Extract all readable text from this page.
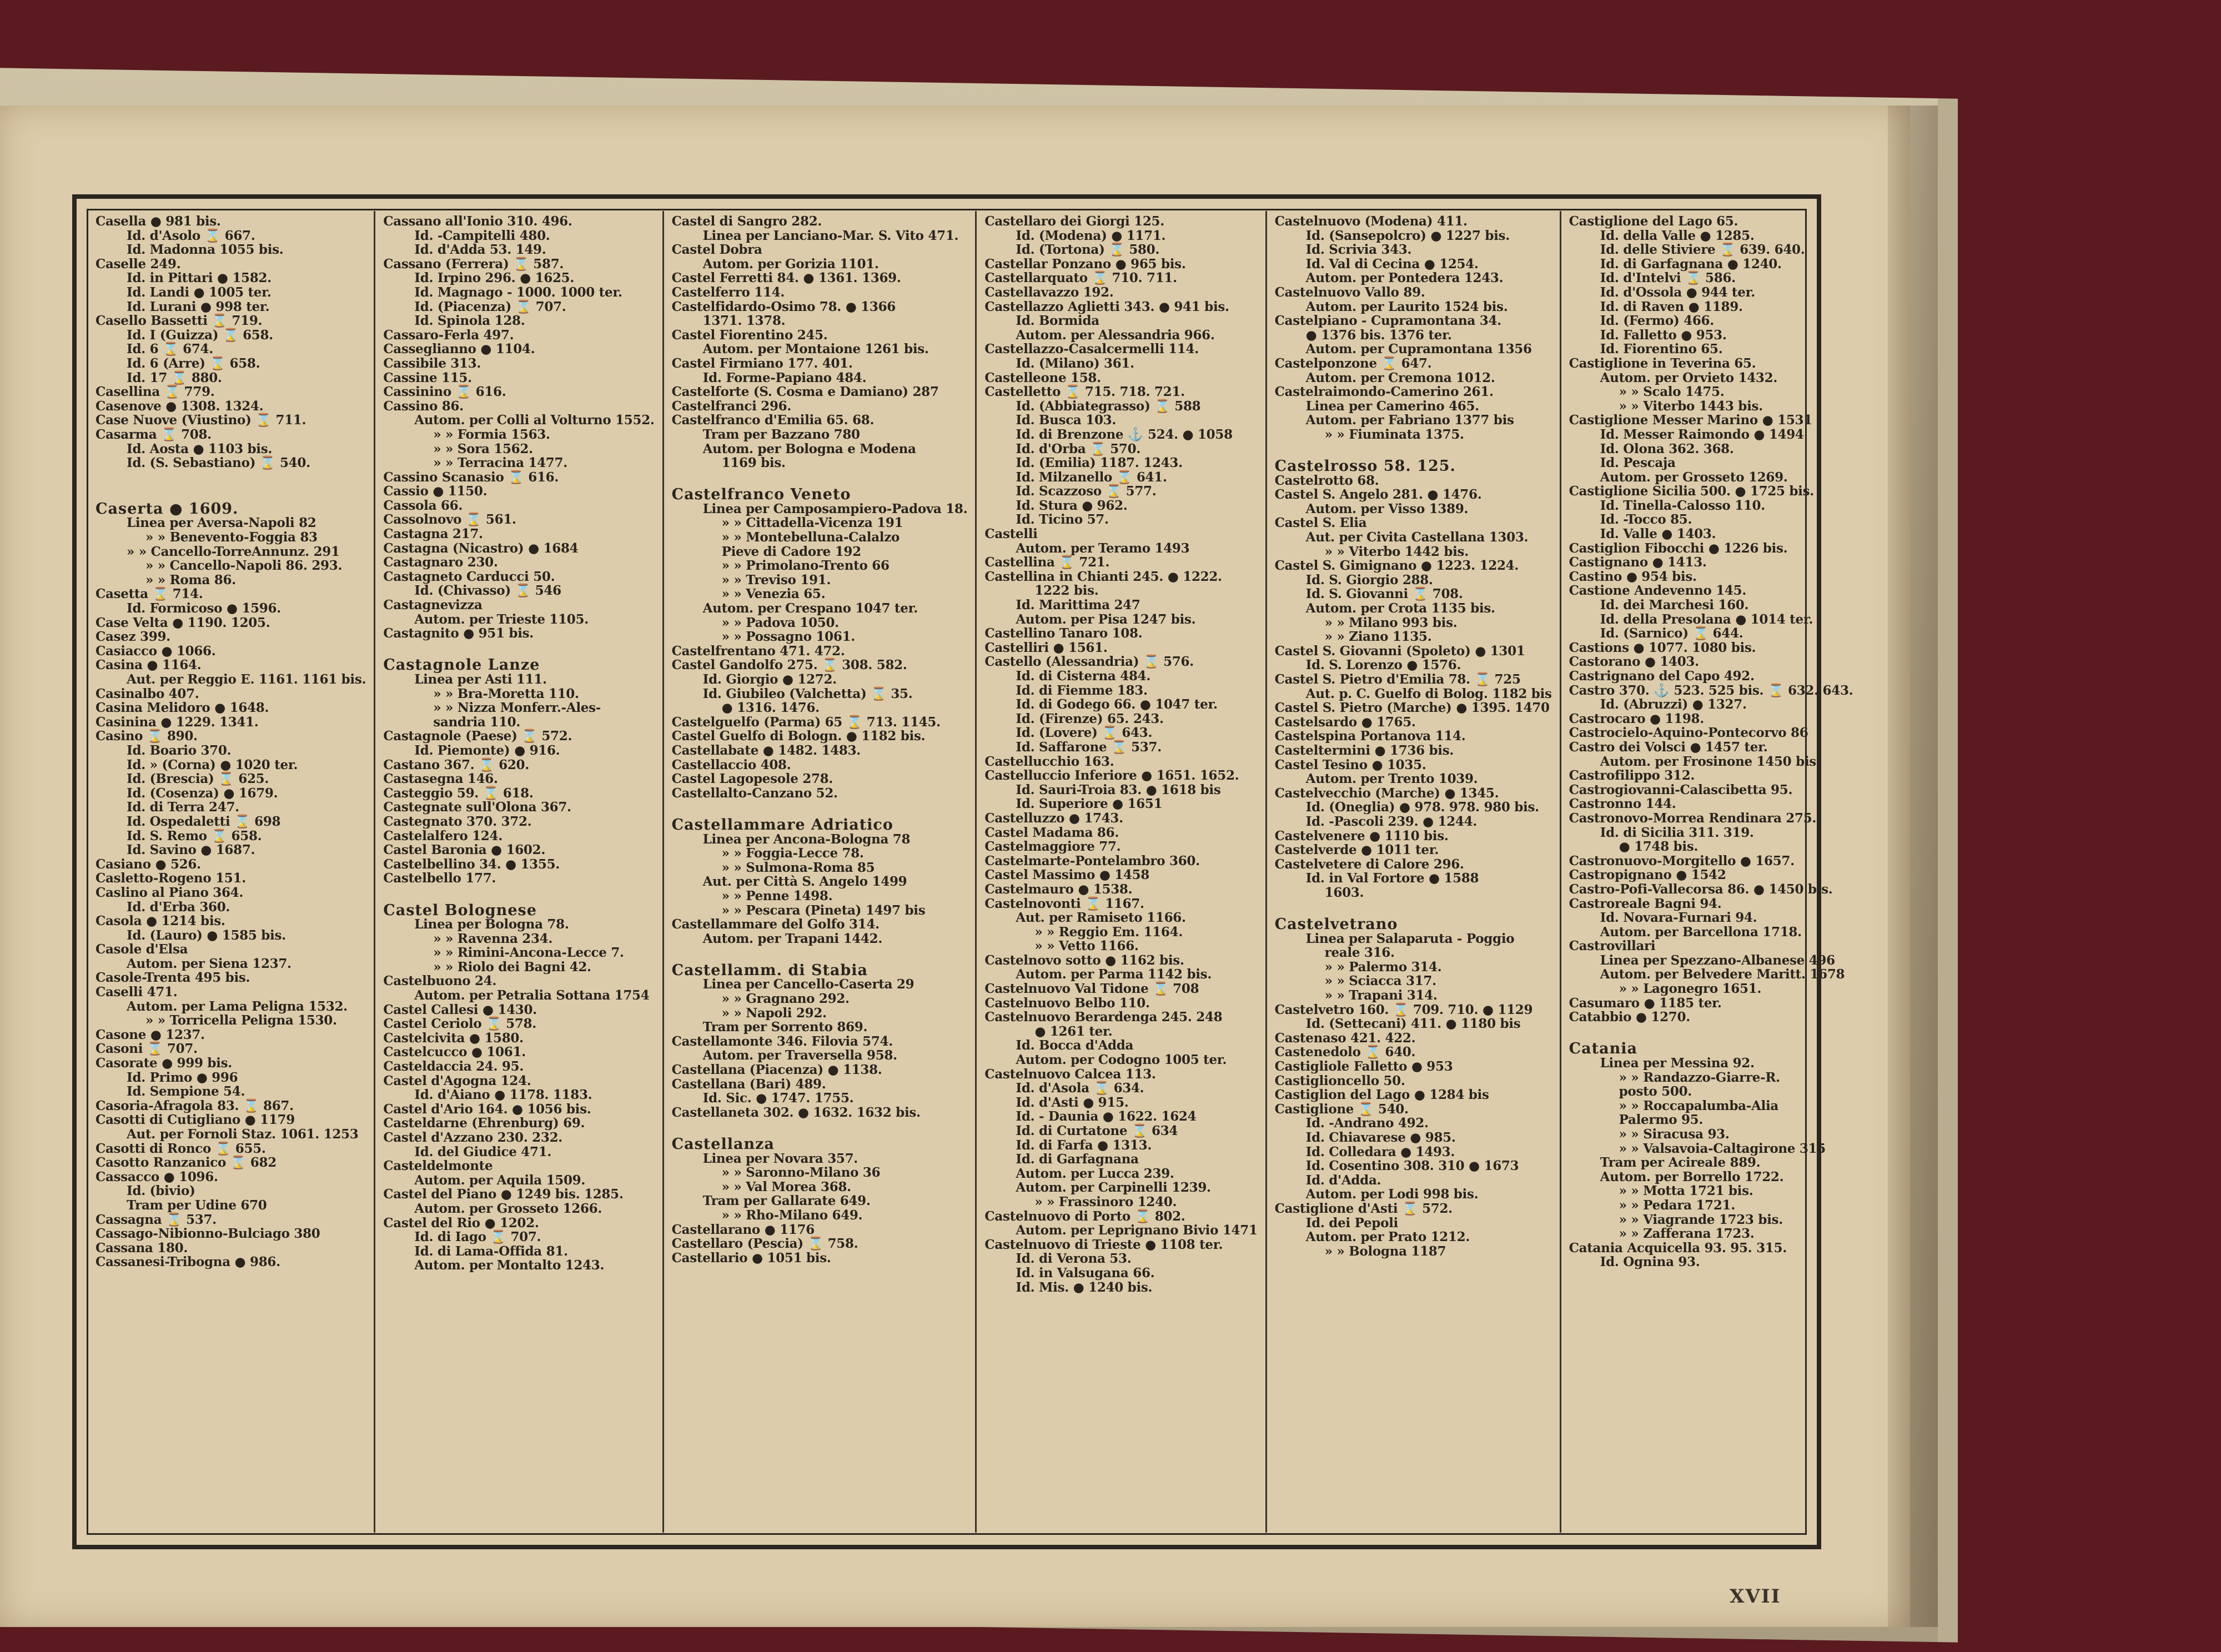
Casella ● 981 bis.
Id. d'Asolo ⌛ 667.
Id. Madonna 1055 bis.
Caselle 249.
Id. in Pittari ● 1582.
Id. Landi ● 1005 ter.
Id. Lurani ● 998 ter.
Casello Bassetti ⌛ 719.
Id. I (Guizza) ⌛ 658.
Id. 6 ⌛ 674.
Id. 6 (Arre) ⌛ 658.
Id. 17 ⌛ 880.
Casellina ⌛ 779.
Casenove ● 1308. 1324.
Case Nuove (Viustino) ⌛ 711.
Casarma ⌛ 708.
Id. Aosta ● 1103 bis.
Id. (S. Sebastiano) ⌛ 540.
Caserta ● 1609.
Linea per Aversa-Napoli 82
» » Benevento-Foggia 83
» » Cancello-TorreAnnunz. 291
» » Cancello-Napoli 86. 293.
» » Roma 86.
Casetta ⌛ 714.
Id. Formicoso ● 1596.
Case Velta ● 1190. 1205.
Casez 399.
Casiacco ● 1066.
Casina ● 1164.
Aut. per Reggio E. 1161. 1161 bis.
Casinalbo 407.
Casina Melidoro ● 1648.
Casinina ● 1229. 1341.
Casino ⌛ 890.
Id. Boario 370.
Id. » (Corna) ● 1020 ter.
Id. (Brescia) ⌛ 625.
Id. (Cosenza) ● 1679.
Id. di Terra 247.
Id. Ospedaletti ⌛ 698
Id. S. Remo ⌛ 658.
Id. Savino ● 1687.
Casiano ● 526.
Casletto-Rogeno 151.
Caslino al Piano 364.
Id. d'Erba 360.
Casola ● 1214 bis.
Id. (Lauro) ● 1585 bis.
Casole d'Elsa
Autom. per Siena 1237.
Casole-Trenta 495 bis.
Caselli 471.
Autom. per Lama Peligna 1532.
» » Torricella Peligna 1530.
Casone ● 1237.
Casoni ⌛ 707.
Casorate ● 999 bis.
Id. Primo ● 996
Id. Sempione 54.
Casoria-Afragola 83. ⌛ 867.
Casotti di Cutigliano ● 1179
Aut. per Fornoli Staz. 1061. 1253
Casotti di Ronco ⌛ 655.
Casotto Ranzanico ⌛ 682
Cassacco ● 1096.
Id. (bivio)
Tram per Udine 670
Cassagna ⌛ 537.
Cassago-Nibionno-Bulciago 380
Cassana 180.
Cassanesi-Tribogna ● 986.
Cassano all'Ionio 310. 496.
Id. -Campitelli 480.
Id. d'Adda 53. 149.
Cassano (Ferrera) ⌛ 587.
Id. Irpino 296. ● 1625.
Id. Magnago - 1000. 1000 ter.
Id. (Piacenza) ⌛ 707.
Id. Spinola 128.
Cassaro-Ferla 497.
Casseglianno ● 1104.
Cassibile 313.
Cassine 115.
Cassinino ⌛ 616.
Cassino 86.
Autom. per Colli al Volturno 1552.
» » Formia 1563.
» » Sora 1562.
» » Terracina 1477.
Cassino Scanasio ⌛ 616.
Cassio ● 1150.
Cassola 66.
Cassolnovo ⌛ 561.
Castagna 217.
Castagna (Nicastro) ● 1684
Castagnaro 230.
Castagneto Carducci 50.
Id. (Chivasso) ⌛ 546
Castagnevizza
Autom. per Trieste 1105.
Castagnito ● 951 bis.
Castagnole Lanze
Linea per Asti 111.
» » Bra-Moretta 110.
» » Nizza Monferr.-Ales-
sandria 110.
Castagnole (Paese) ⌛ 572.
Id. Piemonte) ● 916.
Castano 367. ⌛ 620.
Castasegna 146.
Casteggio 59. ⌛ 618.
Castegnate sull'Olona 367.
Castegnato 370. 372.
Castelalfero 124.
Castel Baronia ● 1602.
Castelbellino 34. ● 1355.
Castelbello 177.
Castel Bolognese
Linea per Bologna 78.
» » Ravenna 234.
» » Rimini-Ancona-Lecce 7.
» » Riolo dei Bagni 42.
Castelbuono 24.
Autom. per Petralia Sottana 1754
Castel Callesi ● 1430.
Castel Ceriolo ⌛ 578.
Castelcivita ● 1580.
Castelcucco ● 1061.
Casteldaccia 24. 95.
Castel d'Agogna 124.
Id. d'Aiano ● 1178. 1183.
Castel d'Ario 164. ● 1056 bis.
Casteldarne (Ehrenburg) 69.
Castel d'Azzano 230. 232.
Id. del Giudice 471.
Casteldelmonte
Autom. per Aquila 1509.
Castel del Piano ● 1249 bis. 1285.
Autom. per Grosseto 1266.
Castel del Rio ● 1202.
Id. di Iago ⌛ 707.
Id. di Lama-Offida 81.
Autom. per Montalto 1243.
Castel di Sangro 282.
Linea per Lanciano-Mar. S. Vito 471.
Castel Dobra
Autom. per Gorizia 1101.
Castel Ferretti 84. ● 1361. 1369.
Castelferro 114.
Castelfidardo-Osimo 78. ● 1366
1371. 1378.
Castel Fiorentino 245.
Autom. per Montaione 1261 bis.
Castel Firmiano 177. 401.
Id. Forme-Papiano 484.
Castelforte (S. Cosma e Damiano) 287
Castelfranci 296.
Castelfranco d'Emilia 65. 68.
Tram per Bazzano 780
Autom. per Bologna e Modena
1169 bis.
Castelfranco Veneto
Linea per Camposampiero-Padova 18.
» » Cittadella-Vicenza 191
» » Montebelluna-Calalzo
Pieve di Cadore 192
» » Primolano-Trento 66
» » Treviso 191.
» » Venezia 65.
Autom. per Crespano 1047 ter.
» » Padova 1050.
» » Possagno 1061.
Castelfrentano 471. 472.
Castel Gandolfo 275. ⌛ 308. 582.
Id. Giorgio ● 1272.
Id. Giubileo (Valchetta) ⌛ 35.
● 1316. 1476.
Castelguelfo (Parma) 65 ⌛ 713. 1145.
Castel Guelfo di Bologn. ● 1182 bis.
Castellabate ● 1482. 1483.
Castellaccio 408.
Castel Lagopesole 278.
Castellalto-Canzano 52.
Castellammare Adriatico
Linea per Ancona-Bologna 78
» » Foggia-Lecce 78.
» » Sulmona-Roma 85
Aut. per Città S. Angelo 1499
» » Penne 1498.
» » Pescara (Pineta) 1497 bis
Castellammare del Golfo 314.
Autom. per Trapani 1442.
Castellamm. di Stabia
Linea per Cancello-Caserta 29
» » Gragnano 292.
» » Napoli 292.
Tram per Sorrento 869.
Castellamonte 346. Filovia 574.
Autom. per Traversella 958.
Castellana (Piacenza) ● 1138.
Castellana (Bari) 489.
Id. Sic. ● 1747. 1755.
Castellaneta 302. ● 1632. 1632 bis.
Castellanza
Linea per Novara 357.
» » Saronno-Milano 36
» » Val Morea 368.
Tram per Gallarate 649.
» » Rho-Milano 649.
Castellarano ● 1176
Castellaro (Pescia) ⌛ 758.
Castellario ● 1051 bis.
Castellaro dei Giorgi 125.
Id. (Modena) ● 1171.
Id. (Tortona) ⌛ 580.
Castellar Ponzano ● 965 bis.
Castellarquato ⌛ 710. 711.
Castellavazzo 192.
Castellazzo Aglietti 343. ● 941 bis.
Id. Bormida
Autom. per Alessandria 966.
Castellazzo-Casalcermelli 114.
Id. (Milano) 361.
Castelleone 158.
Castelletto ⌛ 715. 718. 721.
Id. (Abbiategrasso) ⌛ 588
Id. Busca 103.
Id. di Brenzone ⚓ 524. ● 1058
Id. d'Orba ⌛ 570.
Id. (Emilia) 1187. 1243.
Id. Milzanello ⌛ 641.
Id. Scazzoso ⌛ 577.
Id. Stura ● 962.
Id. Ticino 57.
Castelli
Autom. per Teramo 1493
Castellina ⌛ 721.
Castellina in Chianti 245. ● 1222.
1222 bis.
Id. Marittima 247
Autom. per Pisa 1247 bis.
Castellino Tanaro 108.
Castelliri ● 1561.
Castello (Alessandria) ⌛ 576.
Id. di Cisterna 484.
Id. di Fiemme 183.
Id. di Godego 66. ● 1047 ter.
Id. (Firenze) 65. 243.
Id. (Lovere) ⌛ 643.
Id. Saffarone ⌛ 537.
Castellucchio 163.
Castelluccio Inferiore ● 1651. 1652.
Id. Sauri-Troia 83. ● 1618 bis
Id. Superiore ● 1651
Castelluzzo ● 1743.
Castel Madama 86.
Castelmaggiore 77.
Castelmarte-Pontelambro 360.
Castel Massimo ● 1458
Castelmauro ● 1538.
Castelnovonti ⌛ 1167.
Aut. per Ramiseto 1166.
» » Reggio Em. 1164.
» » Vetto 1166.
Castelnovo sotto ● 1162 bis.
Autom. per Parma 1142 bis.
Castelnuovo Val Tidone ⌛ 708
Castelnuovo Belbo 110.
Castelnuovo Berardenga 245. 248
● 1261 ter.
Id. Bocca d'Adda
Autom. per Codogno 1005 ter.
Castelnuovo Calcea 113.
Id. d'Asola ⌛ 634.
Id. d'Asti ● 915.
Id. - Daunia ● 1622. 1624
Id. di Curtatone ⌛ 634
Id. di Farfa ● 1313.
Id. di Garfagnana
Autom. per Lucca 239.
Autom. per Carpinelli 1239.
» » Frassinoro 1240.
Castelnuovo di Porto ⌛ 802.
Autom. per Leprignano Bivio 1471
Castelnuovo di Trieste ● 1108 ter.
Id. di Verona 53.
Id. in Valsugana 66.
Id. Mis. ● 1240 bis.
Castelnuovo (Modena) 411.
Id. (Sansepolcro) ● 1227 bis.
Id. Scrivia 343.
Id. Val di Cecina ● 1254.
Autom. per Pontedera 1243.
Castelnuovo Vallo 89.
Autom. per Laurito 1524 bis.
Castelpiano - Cupramontana 34.
● 1376 bis. 1376 ter.
Autom. per Cupramontana 1356
Castelponzone ⌛ 647.
Autom. per Cremona 1012.
Castelraimondo-Camerino 261.
Linea per Camerino 465.
Autom. per Fabriano 1377 bis
» » Fiuminata 1375.
Castelrosso 58. 125.
Castelrotto 68.
Castel S. Angelo 281. ● 1476.
Autom. per Visso 1389.
Castel S. Elia
Aut. per Civita Castellana 1303.
» » Viterbo 1442 bis.
Castel S. Gimignano ● 1223. 1224.
Id. S. Giorgio 288.
Id. S. Giovanni ⌛ 708.
Autom. per Crota 1135 bis.
» » Milano 993 bis.
» » Ziano 1135.
Castel S. Giovanni (Spoleto) ● 1301
Id. S. Lorenzo ● 1576.
Castel S. Pietro d'Emilia 78. ⌛ 725
Aut. p. C. Guelfo di Bolog. 1182 bis
Castel S. Pietro (Marche) ● 1395. 1470
Castelsardo ● 1765.
Castelspina Portanova 114.
Casteltermini ● 1736 bis.
Castel Tesino ● 1035.
Autom. per Trento 1039.
Castelvecchio (Marche) ● 1345.
Id. (Oneglia) ● 978. 978. 980 bis.
Id. -Pascoli 239. ● 1244.
Castelvenere ● 1110 bis.
Castelverde ● 1011 ter.
Castelvetere di Calore 296.
Id. in Val Fortore ● 1588
1603.
Castelvetrano
Linea per Salaparuta - Poggio
reale 316.
» » Palermo 314.
» » Sciacca 317.
» » Trapani 314.
Castelvetro 160. ⌛ 709. 710. ● 1129
Id. (Settecani) 411. ● 1180 bis
Castenaso 421. 422.
Castenedolo ⌛ 640.
Castigliole Falletto ● 953
Castiglioncello 50.
Castiglion del Lago ● 1284 bis
Castiglione ⌛ 540.
Id. -Andrano 492.
Id. Chiavarese ● 985.
Id. Colledara ● 1493.
Id. Cosentino 308. 310 ● 1673
Id. d'Adda.
Autom. per Lodi 998 bis.
Castiglione d'Asti ⌛ 572.
Id. dei Pepoli
Autom. per Prato 1212.
» » Bologna 1187
Castiglione del Lago 65.
Id. della Valle ● 1285.
Id. delle Stiviere ⌛ 639. 640.
Id. di Garfagnana ● 1240.
Id. d'Intelvi ⌛ 586.
Id. d'Ossola ● 944 ter.
Id. di Raven ● 1189.
Id. (Fermo) 466.
Id. Falletto ● 953.
Id. Fiorentino 65.
Castiglione in Teverina 65.
Autom. per Orvieto 1432.
» » Scalo 1475.
» » Viterbo 1443 bis.
Castiglione Messer Marino ● 1531
Id. Messer Raimondo ● 1494
Id. Olona 362. 368.
Id. Pescaja
Autom. per Grosseto 1269.
Castiglione Sicilia 500. ● 1725 bis.
Id. Tinella-Calosso 110.
Id. -Tocco 85.
Id. Valle ● 1403.
Castiglion Fibocchi ● 1226 bis.
Castignano ● 1413.
Castino ● 954 bis.
Castione Andevenno 145.
Id. dei Marchesi 160.
Id. della Presolana ● 1014 ter.
Id. (Sarnico) ⌛ 644.
Castions ● 1077. 1080 bis.
Castorano ● 1403.
Castrignano del Capo 492.
Castro 370. ⚓ 523. 525 bis. ⌛ 632. 643.
Id. (Abruzzi) ● 1327.
Castrocaro ● 1198.
Castrocielo-Aquino-Pontecorvo 86
Castro dei Volsci ● 1457 ter.
Autom. per Frosinone 1450 bis.
Castrofilippo 312.
Castrogiovanni-Calascibetta 95.
Castronno 144.
Castronovo-Morrea Rendinara 275.
Id. di Sicilia 311. 319.
● 1748 bis.
Castronuovo-Morgitello ● 1657.
Castropignano ● 1542
Castro-Pofi-Vallecorsa 86. ● 1450 bis.
Castroreale Bagni 94.
Id. Novara-Furnari 94.
Autom. per Barcellona 1718.
Castrovillari
Linea per Spezzano-Albanese 496
Autom. per Belvedere Maritt. 1678
» » Lagonegro 1651.
Casumaro ● 1185 ter.
Catabbio ● 1270.
Catania
Linea per Messina 92.
» » Randazzo-Giarre-R.
posto 500.
» » Roccapalumba-Alia
Palermo 95.
» » Siracusa 93.
» » Valsavoia-Caltagirone 315
Tram per Acireale 889.
Autom. per Borrello 1722.
» » Motta 1721 bis.
» » Pedara 1721.
» » Viagrande 1723 bis.
» » Zafferana 1723.
Catania Acquicella 93. 95. 315.
Id. Ognina 93.
XVII
